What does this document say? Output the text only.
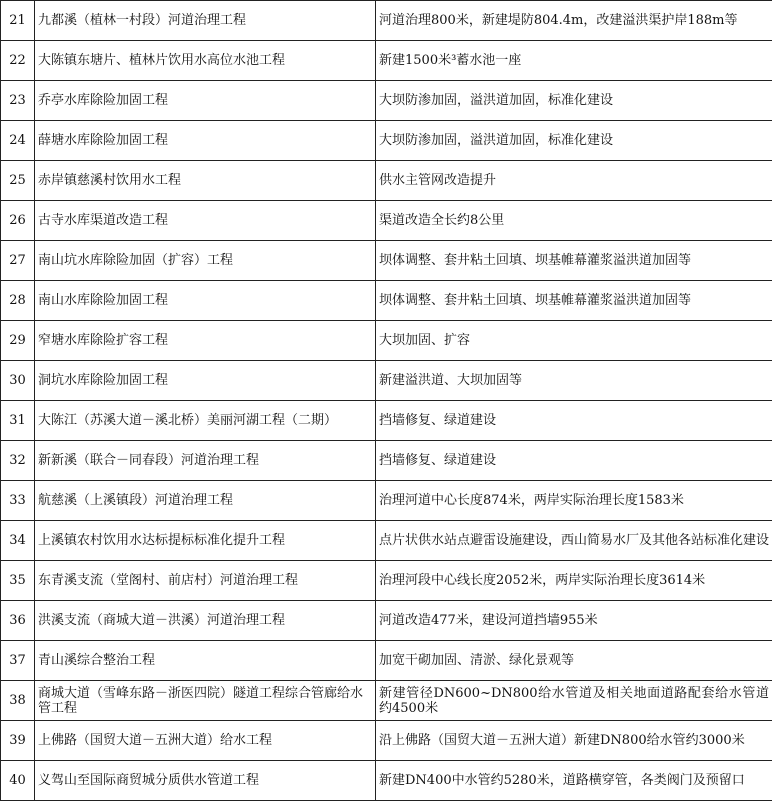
21	九都溪（植林一村段）河道治理工程	河道治理800米，新建堤防804.4m，改建溢洪渠护岸188m等
22	大陈镇东塘片、植林片饮用水高位水池工程	新建1500米³蓄水池一座
23	乔亭水库除险加固工程	大坝防渗加固，溢洪道加固，标准化建设
24	薛塘水库除险加固工程	大坝防渗加固，溢洪道加固，标准化建设
25	赤岸镇慈溪村饮用水工程	供水主管网改造提升
26	古寺水库渠道改造工程	渠道改造全长约8公里
27	南山坑水库除险加固（扩容）工程	坝体调整、套井粘土回填、坝基帷幕灌浆溢洪道加固等
28	南山水库除险加固工程	坝体调整、套井粘土回填、坝基帷幕灌浆溢洪道加固等
29	窄塘水库除险扩容工程	大坝加固、扩容
30	洞坑水库除险加固工程	新建溢洪道、大坝加固等
31	大陈江（苏溪大道－溪北桥）美丽河湖工程（二期）	挡墙修复、绿道建设
32	新新溪（联合－同春段）河道治理工程	挡墙修复、绿道建设
33	航慈溪（上溪镇段）河道治理工程	治理河道中心长度874米，两岸实际治理长度1583米
34	上溪镇农村饮用水达标提标标准化提升工程	点片状供水站点避雷设施建设，西山简易水厂及其他各站标准化建设
35	东青溪支流（堂阁村、前店村）河道治理工程	治理河段中心线长度2052米，两岸实际治理长度3614米
36	洪溪支流（商城大道－洪溪）河道治理工程	河道改造477米，建设河道挡墙955米
37	青山溪综合整治工程	加宽干砌加固、清淤、绿化景观等
38	商城大道（雪峰东路－浙医四院）隧道工程综合管廊给水管工程	新建管径DN600~DN800给水管道及相关地面道路配套给水管道约4500米
39	上佛路（国贸大道－五洲大道）给水工程	沿上佛路（国贸大道－五洲大道）新建DN800给水管约3000米
40	义驾山至国际商贸城分质供水管道工程	新建DN400中水管约5280米，道路横穿管，各类阀门及预留口
